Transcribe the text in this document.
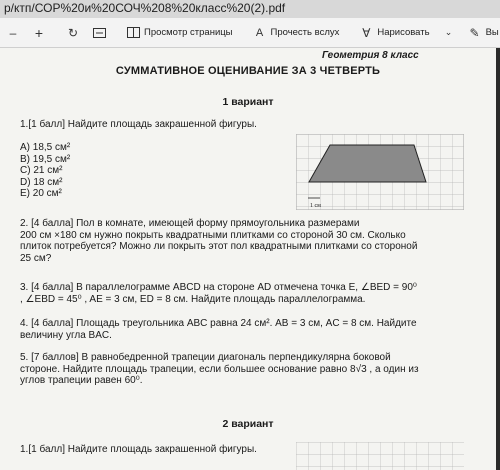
p/ктп/СОР%20и%20СОЧ%208%20класс%20(2).pdf
– + ↻	Просмотр страницы	A Прочесть вслух ∀ Нарисовать	⌄ ✎ Вы
Геометрия 8 класс
СУММАТИВНОЕ ОЦЕНИВАНИЕ ЗА 3 ЧЕТВЕРТЬ
1 вариант
1.[1 балл] Найдите площадь закрашенной фигуры.
A) 18,5 см²
B) 19,5 см²
C) 21 см²
D) 18 см²
E) 20 см²
1 см
2. [4 балла] Пол в комнате, имеющей форму прямоугольника размерами
200 см ×180 см нужно покрыть квадратными плитками со стороной 30 см. Сколько
плиток потребуется? Можно ли покрыть этот пол квадратными плитками со стороной
25 см?
3. [4 балла] В параллелограмме ABCD на стороне AD отмечена точка E, ∠BED = 90⁰
, ∠EBD = 45⁰ , AE = 3 см, ED = 8 см. Найдите площадь параллелограмма.
4. [4 балла] Площадь треугольника ABC равна 24 см². AB = 3 см, AC = 8 см. Найдите
величину угла BAC.
5. [7 баллов] В равнобедренной трапеции диагональ перпендикулярна боковой
стороне. Найдите площадь трапеции, если большее основание равно 8√3 , а один из
углов трапеции равен 60⁰.
2 вариант
1.[1 балл] Найдите площадь закрашенной фигуры.
